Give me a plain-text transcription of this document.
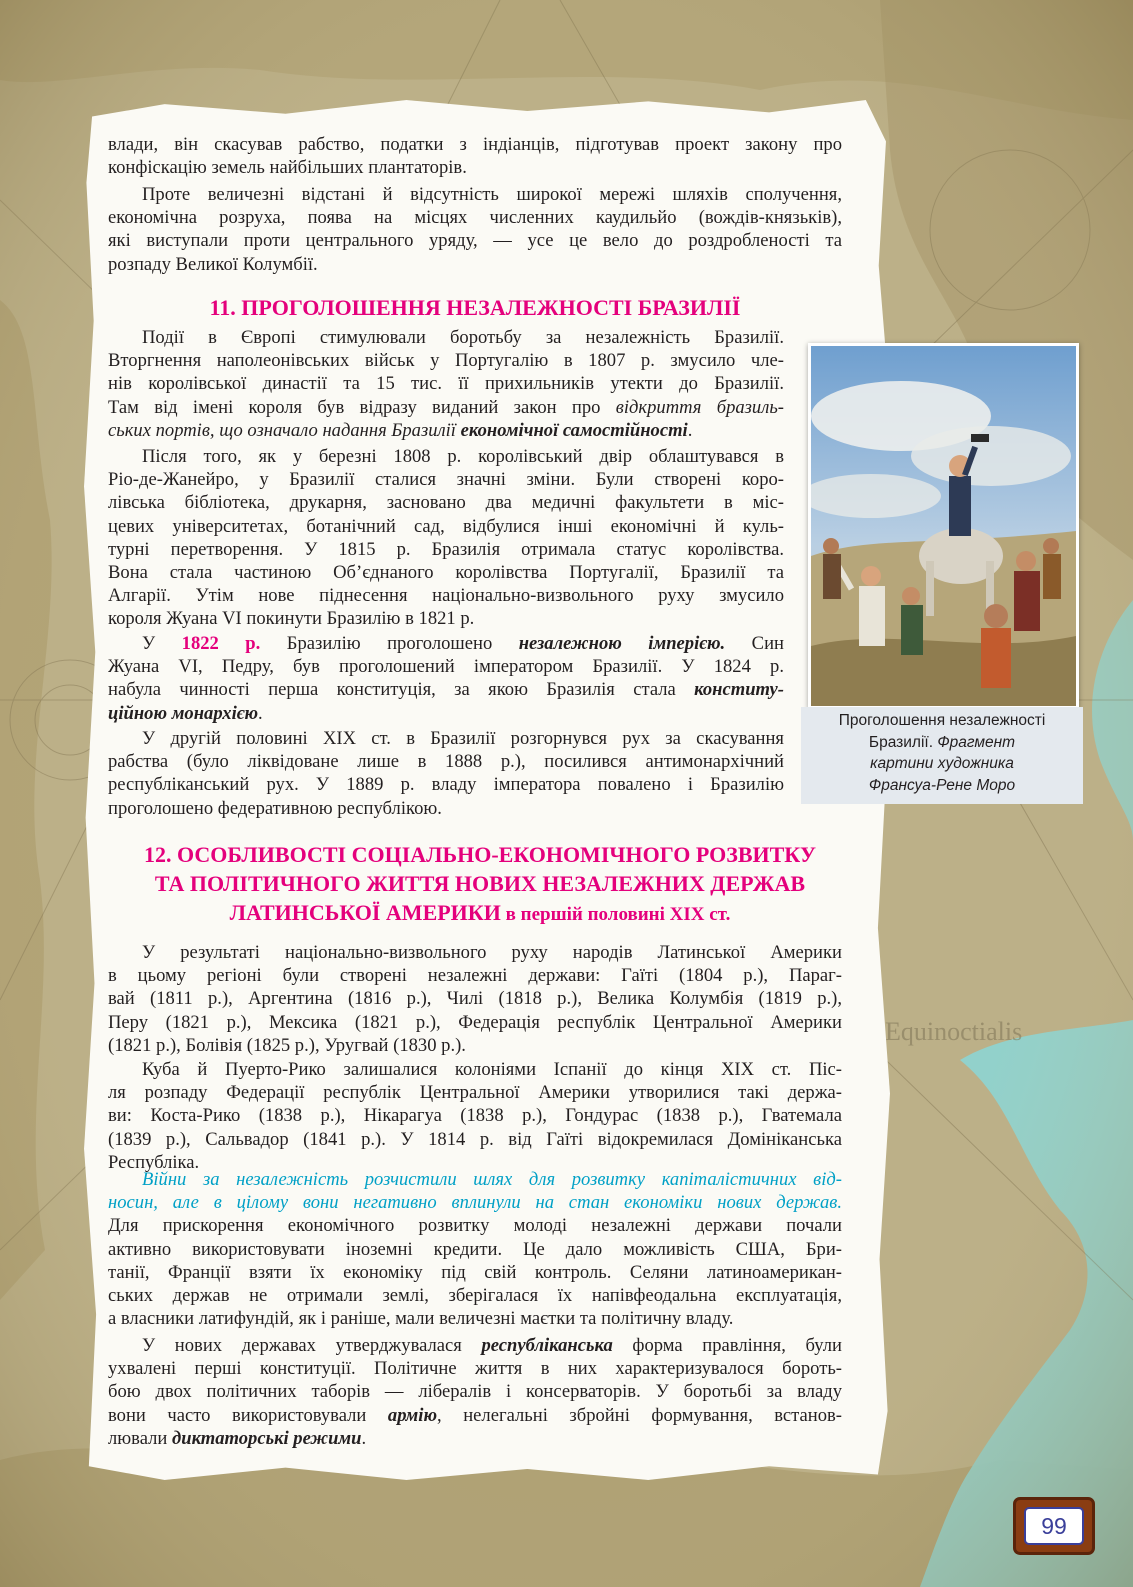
влади, він скасував рабство, податки з індіанців, підготував проект закону про
конфіскацію земель найбільших плантаторів.

Проте величезні відстані й відсутність широкої мережі шляхів сполучення,
економічна розруха, поява на місцях численних каудильйо (вождів-князьків),
які виступали проти центрального уряду, — усе це вело до роздробленості та
розпаду Великої Колумбії.

11. ПРОГОЛОШЕННЯ НЕЗАЛЕЖНОСТІ БРАЗИЛІЇ

Події в Європі стимулювали боротьбу за незалежність Бразилії.
Вторгнення наполеонівських військ у Португалію в 1807 р. змусило чле-
нів королівської династії та 15 тис. її прихильників утекти до Бразилії.
Там від імені короля був відразу виданий закон про відкриття бразиль-
ських портів, що означало надання Бразилії економічної самостійності.

Після того, як у березні 1808 р. королівський двір облаштувався в
Ріо-де-Жанейро, у Бразилії сталися значні зміни. Були створені коро-
лівська бібліотека, друкарня, засновано два медичні факультети в міс-
цевих університетах, ботанічний сад, відбулися інші економічні й куль-
турні перетворення. У 1815 р. Бразилія отримала статус королівства.
Вона стала частиною Об’єднаного королівства Португалії, Бразилії та
Алгарії. Утім нове піднесення національно-визвольного руху змусило
короля Жуана VI покинути Бразилію в 1821 р.

У 1822 р. Бразилію проголошено незалежною імперією. Син
Жуана VI, Педру, був проголошений імператором Бразилії. У 1824 р.
набула чинності перша конституція, за якою Бразилія стала конститу-
ційною монархією.

У другій половині XIX ст. в Бразилії розгорнувся рух за скасування
рабства (було ліквідоване лише в 1888 р.), посилився антимонархічний
республіканський рух. У 1889 р. владу імператора повалено і Бразилію
проголошено федеративною республікою.

Проголошення незалежності
Бразилії. Фрагмент
картини художника
Франсуа-Рене Моро
12. ОСОБЛИВОСТІ СОЦІАЛЬНО-ЕКОНОМІЧНОГО РОЗВИТКУ
ТА ПОЛІТИЧНОГО ЖИТТЯ НОВИХ НЕЗАЛЕЖНИХ ДЕРЖАВ
ЛАТИНСЬКОЇ АМЕРИКИ в першій половині XIX ст.

У результаті національно-визвольного руху народів Латинської Америки
в цьому регіоні були створені незалежні держави: Гаїті (1804 р.), Параг-
вай (1811 р.), Аргентина (1816 р.), Чилі (1818 р.), Велика Колумбія (1819 р.),
Перу (1821 р.), Мексика (1821 р.), Федерація республік Центральної Америки
(1821 р.), Болівія (1825 р.), Уругвай (1830 р.).

Куба й Пуерто-Рико залишалися колоніями Іспанії до кінця XIX ст. Піс-
ля розпаду Федерації республік Центральної Америки утворилися такі держа-
ви: Коста-Рико (1838 р.), Нікарагуа (1838 р.), Гондурас (1838 р.), Гватемала
(1839 р.), Сальвадор (1841 р.). У 1814 р. від Гаїті відокремилася Домініканська
Республіка.

Війни за незалежність розчистили шлях для розвитку капіталістичних від-
носин, але в цілому вони негативно вплинули на стан економіки нових держав.
Для прискорення економічного розвитку молоді незалежні держави почали
активно використовувати іноземні кредити. Це дало можливість США, Бри-
танії, Франції взяти їх економіку під свій контроль. Селяни латиноамерикан-
ських держав не отримали землі, зберігалася їх напівфеодальна експлуатація,
а власники латифундій, як і раніше, мали величезні маєтки та політичну владу.

У нових державах утверджувалася республіканська форма правління, були
ухвалені перші конституції. Політичне життя в них характеризувалося бороть-
бою двох політичних таборів — лібералів і консерваторів. У боротьбі за владу
вони часто використовували армію, нелегальні збройні формування, встанов-
лювали диктаторські режими.

99
